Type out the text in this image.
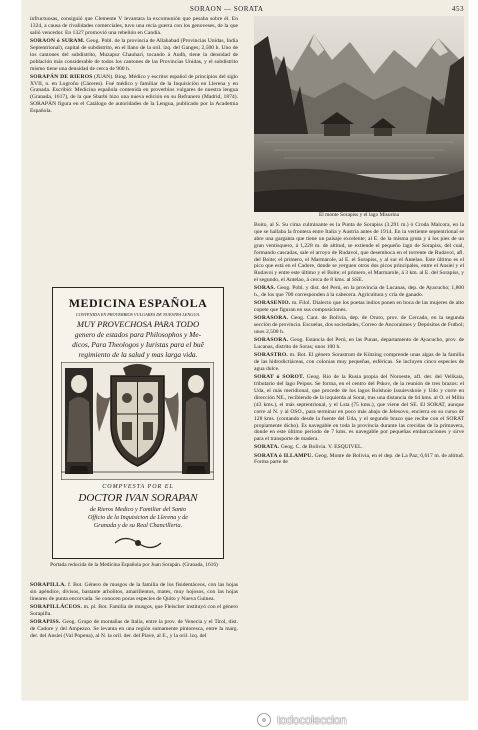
SORAON — SORATA	453

infructuosas, consiguió que Clemente V levantara la excomunión que pesaba sobre él. En 1324, a causa de rivalidades comerciales, tuvo una recia guerra con los genoveses, de la que salió vencedor. En 1327 promovió una rebelión en Candía.

SORAON ó SURAM. Geog. Pobl. de la provincia de Allahabad (Provincias Unidas, India Septentrional), capital de subdistrito, en el llano de la oril. izq. del Ganges; 2,500 h. Uno de los cantones del subdistrito, Muzapur Chauhari, tocando á Audh, tiene la densidad de población más considerable de todos los cantones de las Provincias Unidas, y el subdistrito mismo tiene una densidad de cerca de 900 h.

SORAPÁN DE RIEROS (JUAN). Biog. Médico y escritor español de principios del siglo XVII, n. en Logroño (Cáceres). Fué médico y familiar de la Inquisición en Llerena y en Granada. Escribió: Medicina española contenida en proverbios vulgares de nuestra lengua (Granada, 1617), de la que Sbarbi hizo una nueva edición en su Refranero (Madrid, 1874). SORAPÁN figura en el Catálogo de autoridades de la Lengua, publicado por la Academia Española.

MEDICINA ESPAÑOLA
CONTENIDA EN PROVERBIOS VULGARES DE NUESTRA LENGUA.
MUY PROVECHOSA PARA TODO
genero de estados para Philosophos y Me-
dicos, Para Theologos y Iuristas para el buē
regimiento de la salud y mas larga vida.
COMPVESTA POR EL
DOCTOR IVAN SORAPAN
de Rieros Medico y Familiar del Santo
Officio de la Inquisicion de Llerena y de
Granada y de su Real Chancilleria.
Portada reducida de la Medicina Española por Juan Sorapán. (Granada, 1616)

SORAPILLA. f. Bot. Género de musgos de la familia de los fisidentáceos, con las hojas sin apéndice, divisos, bastante arbolitos, amarillentos, mates, muy hojosos, con las hojas lineares de punta encorvada. Se conocen pocas especies de Quito y Nueva Guinea.

SORAPILLÁCEOS. m. pl. Bot. Familia de musgos, que Fleischer instituyó con el género Sorapilla.

SORAPISS. Geog. Grupo de montañas de Italia, entre la prov. de Venecia y el Tirol, dist. de Cadore y del Ampezzo. Se levanta en una región sumamente pintoresca, entre la marg. der. del Ansiei (Val Popena), al N. la oril. der. del Piave, al E., y la oril. izq. del

El monte Sorapiss y el lago Misurina

Boito, al S. Su cima culminante es la Punta de Sorapiss (3,291 m.) ó Croda Malcora, en la que se hallaba la frontera entre Italia y Austria antes de 1914. En la vertiente septentrional se abre una garganta que tiene un paisaje excelente; al E. de la misma gruta y á los pies de un gran ventisquero, á 1,228 m. de altitud, se extiende el pequeño lago de Sorapiss, del cual, formando cascadas, sale el arroyo de Rudavoi, que desemboca en el torrente de Rudavoi, afl. del Boite; el primero, el Marmarole, al E. el Sorapiss, y al sur el Antelao. Este último es el pico que está en el Cadore, donde se yerguen otros dos picos principales, entre el Ansiei y el Rudavoi y entre este último y el Boite; el primero, el Marmarole, á 3 km. al E. del Sorapiss, y el segundo, el Antelao, á cerca de 8 kms. al SSE.

SORAS. Geog. Pobl. y dist. del Perú, en la provincia de Lucanas, dep. de Ayacucho; 1,800 h., de los que 700 corresponden á la cabecera. Agricultura y cría de ganado.

SORASENIO. m. Filol. Dialecto que los poetas indios ponen en boca de las mujeres de alto copete que figuran en sus composiciones.

SORASORA. Geog. Cant. de Bolivia, dep. de Oruro, prov. de Cercado, en la segunda sección de provincia. Escuelas, dos sociedades, Correo de Ancoraimes y Depósitos de Futbol; unos 2,500 h.

SORASORA. Geog. Estancia del Perú, en las Punas, departamento de Ayacucho, prov. de Lucanas, distrito de Soras; unos 100 h.

SORASTRO. m. Bot. El género Sorastrum de Kützing comprende unas algas de la familia de las hidrodictiáceas, con colonias muy pequeñas, esféricas. Se incluyen cinco especies de agua dulce.

SORAT ó SOROT. Geog. Río de la Rusia propia del Noroeste, afl. der. del Velikaia, tributario del lago Peipus. Se forma, en el centro del Pskov, de la reunión de tres brazos: el Uda, el más meridional, que procede de los lagos Bolshoie Issuievskoie y Udo y corre en dirección NE., recibiendo de la izquierda al Sorat, tras una distancia de 64 kms. al O. el Miliu (43 kms.), el más septentrional, y el Lsta (75 kms.), que viene del SE. El SORAT, aunque corre al N. y al OSO., para terminar en poco más abajo de Jelesovo, encierra en su curso de 128 kms. (contando desde la fuente del Uda, y el segundo brazo que recibe con el SORAT propiamente dicho). Es navegable en toda la provincia durante las crecidas de la primavera, donde en este último período de 7 kms. es navegable por pequeñas embarcaciones y sirve para el transporte de madera.

SORATA. Geog. C. de Bolivia. V. ESQUIVEL.

SORATA ó ILLAMPU. Geog. Monte de Bolivia, en el dep. de La Paz; 6,617 m. de altitud. Forma parte de

todocoleccion
